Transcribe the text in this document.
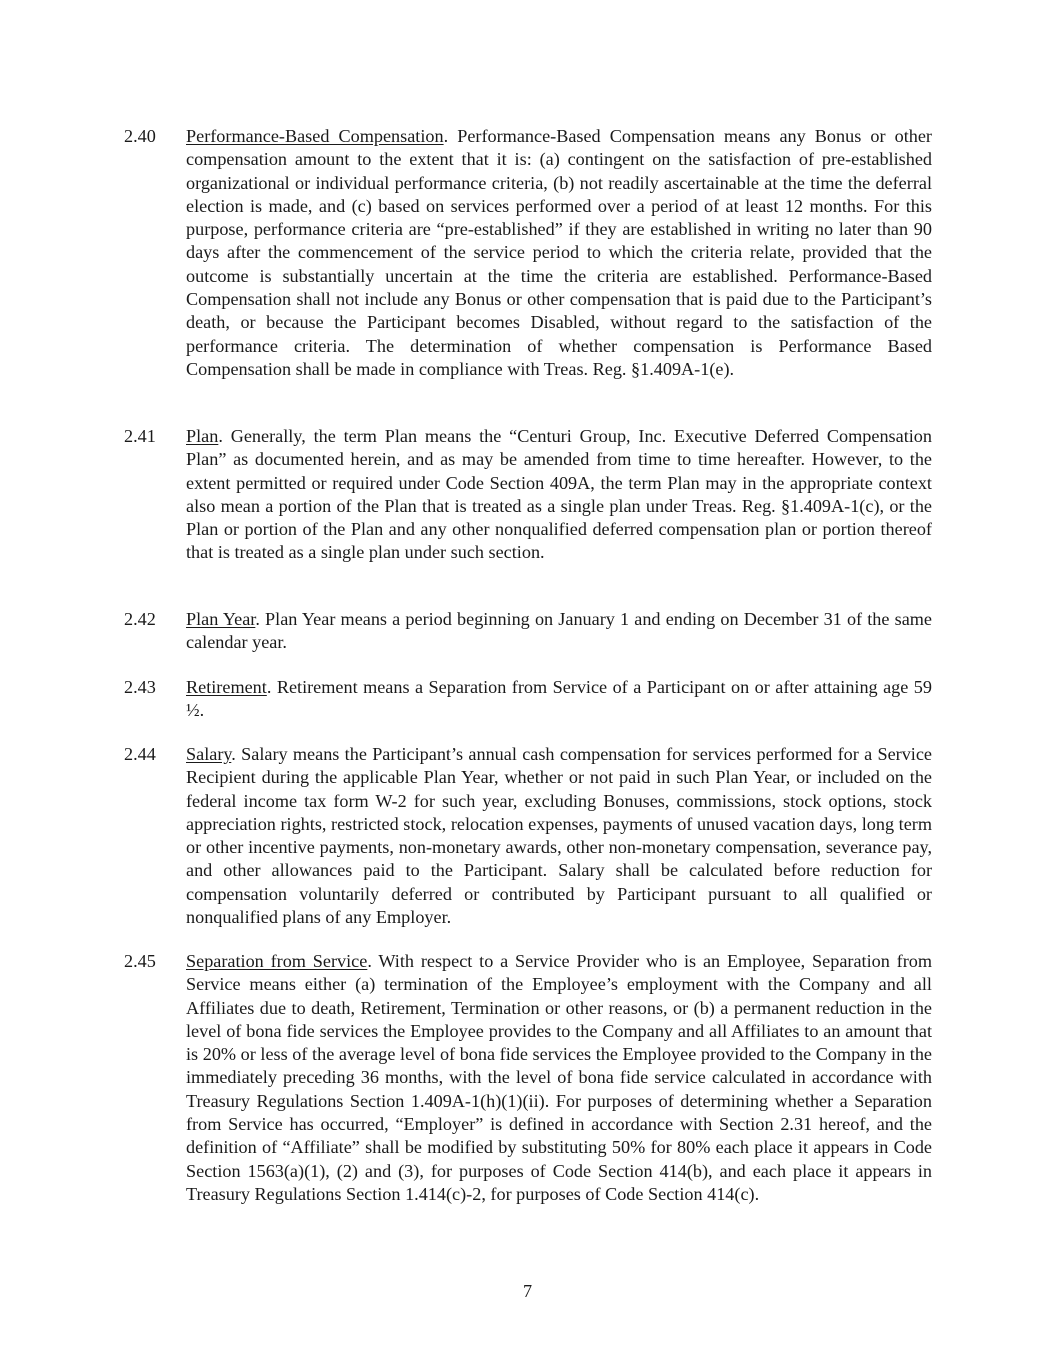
2.40 Performance-Based Compensation. Performance-Based Compensation means any Bonus or other compensation amount to the extent that it is: (a) contingent on the satisfaction of pre-established organizational or individual performance criteria, (b) not readily ascertainable at the time the deferral election is made, and (c) based on services performed over a period of at least 12 months. For this purpose, performance criteria are “pre-established” if they are established in writing no later than 90 days after the commencement of the service period to which the criteria relate, provided that the outcome is substantially uncertain at the time the criteria are established. Performance-Based Compensation shall not include any Bonus or other compensation that is paid due to the Participant’s death, or because the Participant becomes Disabled, without regard to the satisfaction of the performance criteria. The determination of whether compensation is Performance Based Compensation shall be made in compliance with Treas. Reg. §1.409A-1(e).
2.41 Plan. Generally, the term Plan means the “Centuri Group, Inc. Executive Deferred Compensation Plan” as documented herein, and as may be amended from time to time hereafter. However, to the extent permitted or required under Code Section 409A, the term Plan may in the appropriate context also mean a portion of the Plan that is treated as a single plan under Treas. Reg. §1.409A-1(c), or the Plan or portion of the Plan and any other nonqualified deferred compensation plan or portion thereof that is treated as a single plan under such section.
2.42 Plan Year. Plan Year means a period beginning on January 1 and ending on December 31 of the same calendar year.
2.43 Retirement. Retirement means a Separation from Service of a Participant on or after attaining age 59 ½.
2.44 Salary. Salary means the Participant’s annual cash compensation for services performed for a Service Recipient during the applicable Plan Year, whether or not paid in such Plan Year, or included on the federal income tax form W-2 for such year, excluding Bonuses, commissions, stock options, stock appreciation rights, restricted stock, relocation expenses, payments of unused vacation days, long term or other incentive payments, non-monetary awards, other non-monetary compensation, severance pay, and other allowances paid to the Participant. Salary shall be calculated before reduction for compensation voluntarily deferred or contributed by Participant pursuant to all qualified or nonqualified plans of any Employer.
2.45 Separation from Service. With respect to a Service Provider who is an Employee, Separation from Service means either (a) termination of the Employee’s employment with the Company and all Affiliates due to death, Retirement, Termination or other reasons, or (b) a permanent reduction in the level of bona fide services the Employee provides to the Company and all Affiliates to an amount that is 20% or less of the average level of bona fide services the Employee provided to the Company in the immediately preceding 36 months, with the level of bona fide service calculated in accordance with Treasury Regulations Section 1.409A-1(h)(1)(ii). For purposes of determining whether a Separation from Service has occurred, “Employer” is defined in accordance with Section 2.31 hereof, and the definition of “Affiliate” shall be modified by substituting 50% for 80% each place it appears in Code Section 1563(a)(1), (2) and (3), for purposes of Code Section 414(b), and each place it appears in Treasury Regulations Section 1.414(c)-2, for purposes of Code Section 414(c).
7
